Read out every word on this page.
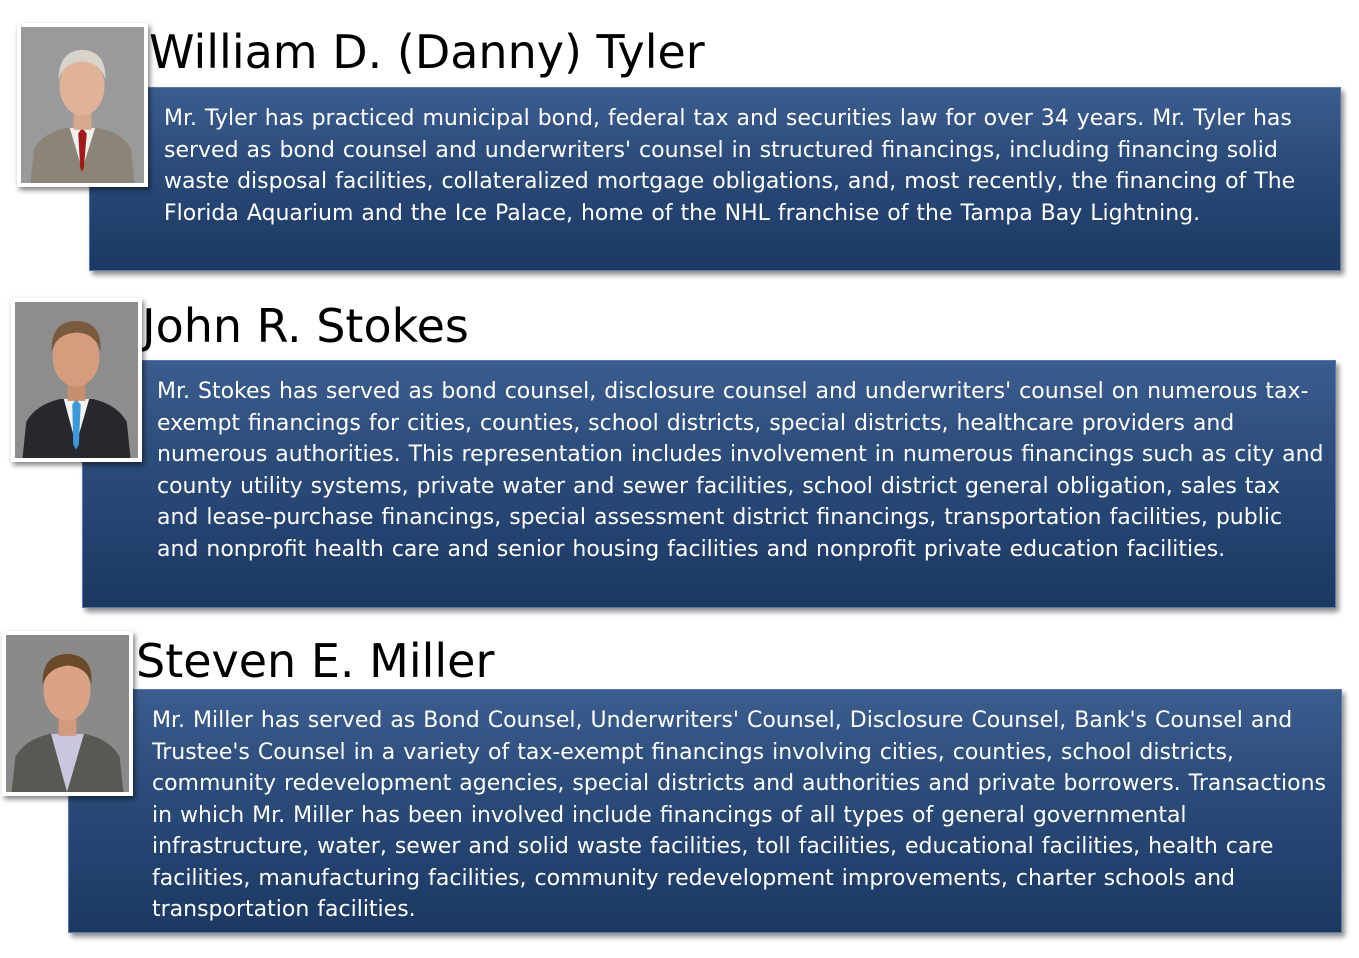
Mr. Tyler has practiced municipal bond, federal tax and securities law for over 34 years. Mr. Tyler has served as bond counsel and underwriters' counsel in structured financings, including financing solid waste disposal facilities, collateralized mortgage obligations, and, most recently, the financing of The Florida Aquarium and the Ice Palace, home of the NHL franchise of the Tampa Bay Lightning.

William D. (Danny) Tyler

Mr. Stokes has served as bond counsel, disclosure counsel and underwriters' counsel on numerous tax-exempt financings for cities, counties, school districts, special districts, healthcare providers and numerous authorities. This representation includes involvement in numerous financings such as city and county utility systems, private water and sewer facilities, school district general obligation, sales tax and lease-purchase financings, special assessment district financings, transportation facilities, public and nonprofit health care and senior housing facilities and nonprofit private education facilities.

John R. Stokes

Mr. Miller has served as Bond Counsel, Underwriters' Counsel, Disclosure Counsel, Bank's Counsel and Trustee's Counsel in a variety of tax-exempt financings involving cities, counties, school districts, community redevelopment agencies, special districts and authorities and private borrowers. Transactions in which Mr. Miller has been involved include financings of all types of general governmental infrastructure, water, sewer and solid waste facilities, toll facilities, educational facilities, health care facilities, manufacturing facilities, community redevelopment improvements, charter schools and transportation facilities.

Steven E. Miller
